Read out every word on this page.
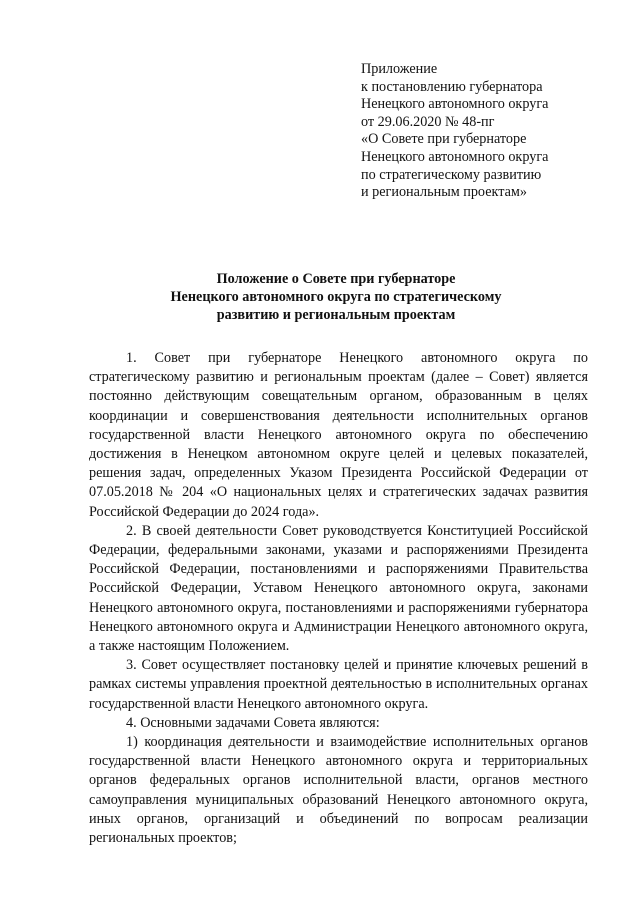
Приложение
к постановлению губернатора
Ненецкого автономного округа
от 29.06.2020 № 48-пг
«О Совете при губернаторе
Ненецкого автономного округа
по стратегическому развитию
и региональным проектам»
Положение о Совете при губернаторе
Ненецкого автономного округа по стратегическому
развитию и региональным проектам

1. Совет при губернаторе Ненецкого автономного округа по стратегическому развитию и региональным проектам (далее – Совет) является постоянно действующим совещательным органом, образованным в целях координации и совершенствования деятельности исполнительных органов государственной власти Ненецкого автономного округа по обеспечению достижения в Ненецком автономном округе целей и целевых показателей, решения задач, определенных Указом Президента Российской Федерации от 07.05.2018 № 204 «О национальных целях и стратегических задачах развития Российской Федерации до 2024 года».

2. В своей деятельности Совет руководствуется Конституцией Российской Федерации, федеральными законами, указами и распоряжениями Президента Российской Федерации, постановлениями и распоряжениями Правительства Российской Федерации, Уставом Ненецкого автономного округа, законами Ненецкого автономного округа, постановлениями и распоряжениями губернатора Ненецкого автономного округа и Администрации Ненецкого автономного округа, а также настоящим Положением.

3. Совет осуществляет постановку целей и принятие ключевых решений в рамках системы управления проектной деятельностью в исполнительных органах государственной власти Ненецкого автономного округа.

4. Основными задачами Совета являются:

1) координация деятельности и взаимодействие исполнительных органов государственной власти Ненецкого автономного округа и территориальных органов федеральных органов исполнительной власти, органов местного самоуправления муниципальных образований Ненецкого автономного округа, иных органов, организаций и объединений по вопросам реализации региональных проектов;
